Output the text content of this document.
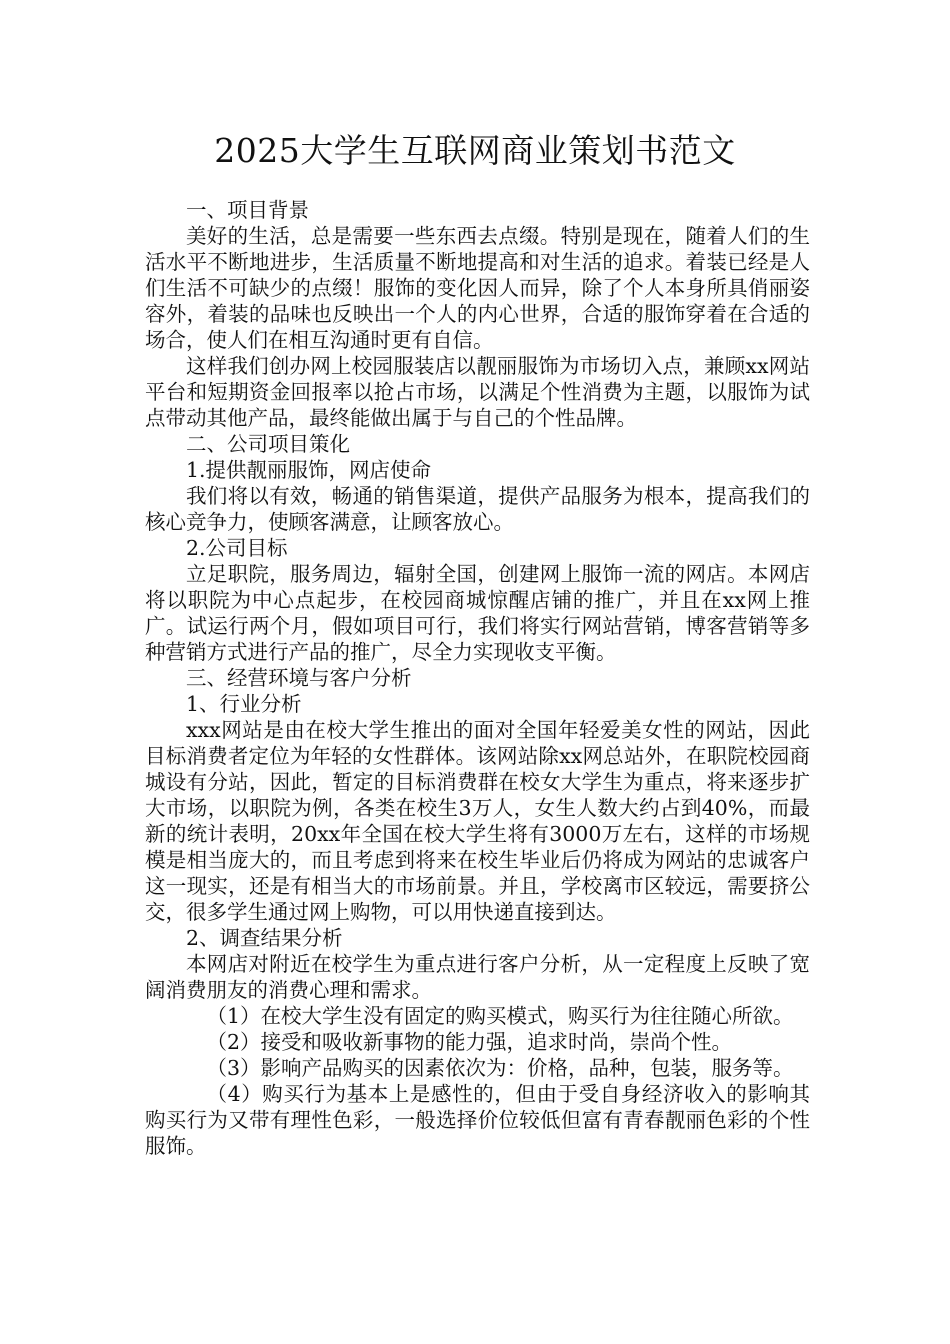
2025大学生互联网商业策划书范文

一、项目背景

美好的生活，总是需要一些东西去点缀。特别是现在，随着人们的生活水平不断地进步，生活质量不断地提高和对生活的追求。着装已经是人们生活不可缺少的点缀！服饰的变化因人而异，除了个人本身所具俏丽姿容外，着装的品味也反映出一个人的内心世界，合适的服饰穿着在合适的场合，使人们在相互沟通时更有自信。

这样我们创办网上校园服装店以靓丽服饰为市场切入点，兼顾xx网站平台和短期资金回报率以抢占市场，以满足个性消费为主题，以服饰为试点带动其他产品，最终能做出属于与自己的个性品牌。

二、公司项目策化

1.提供靓丽服饰，网店使命

我们将以有效，畅通的销售渠道，提供产品服务为根本，提高我们的核心竞争力，使顾客满意，让顾客放心。

2.公司目标

立足职院，服务周边，辐射全国，创建网上服饰一流的网店。本网店将以职院为中心点起步，在校园商城惊醒店铺的推广，并且在xx网上推广。试运行两个月，假如项目可行，我们将实行网站营销，博客营销等多种营销方式进行产品的推广，尽全力实现收支平衡。

三、经营环境与客户分析

1、行业分析

xxx网站是由在校大学生推出的面对全国年轻爱美女性的网站，因此目标消费者定位为年轻的女性群体。该网站除xx网总站外，在职院校园商城设有分站，因此，暂定的目标消费群在校女大学生为重点，将来逐步扩大市场，以职院为例，各类在校生3万人，女生人数大约占到40%，而最新的统计表明，20xx年全国在校大学生将有3000万左右，这样的市场规模是相当庞大的，而且考虑到将来在校生毕业后仍将成为网站的忠诚客户这一现实，还是有相当大的市场前景。并且，学校离市区较远，需要挤公交，很多学生通过网上购物，可以用快递直接到达。

2、调查结果分析

本网店对附近在校学生为重点进行客户分析，从一定程度上反映了宽阔消费朋友的消费心理和需求。

（1）在校大学生没有固定的购买模式，购买行为往往随心所欲。

（2）接受和吸收新事物的能力强，追求时尚，崇尚个性。

（3）影响产品购买的因素依次为：价格，品种，包装，服务等。

（4）购买行为基本上是感性的，但由于受自身经济收入的影响其购买行为又带有理性色彩，一般选择价位较低但富有青春靓丽色彩的个性服饰。
